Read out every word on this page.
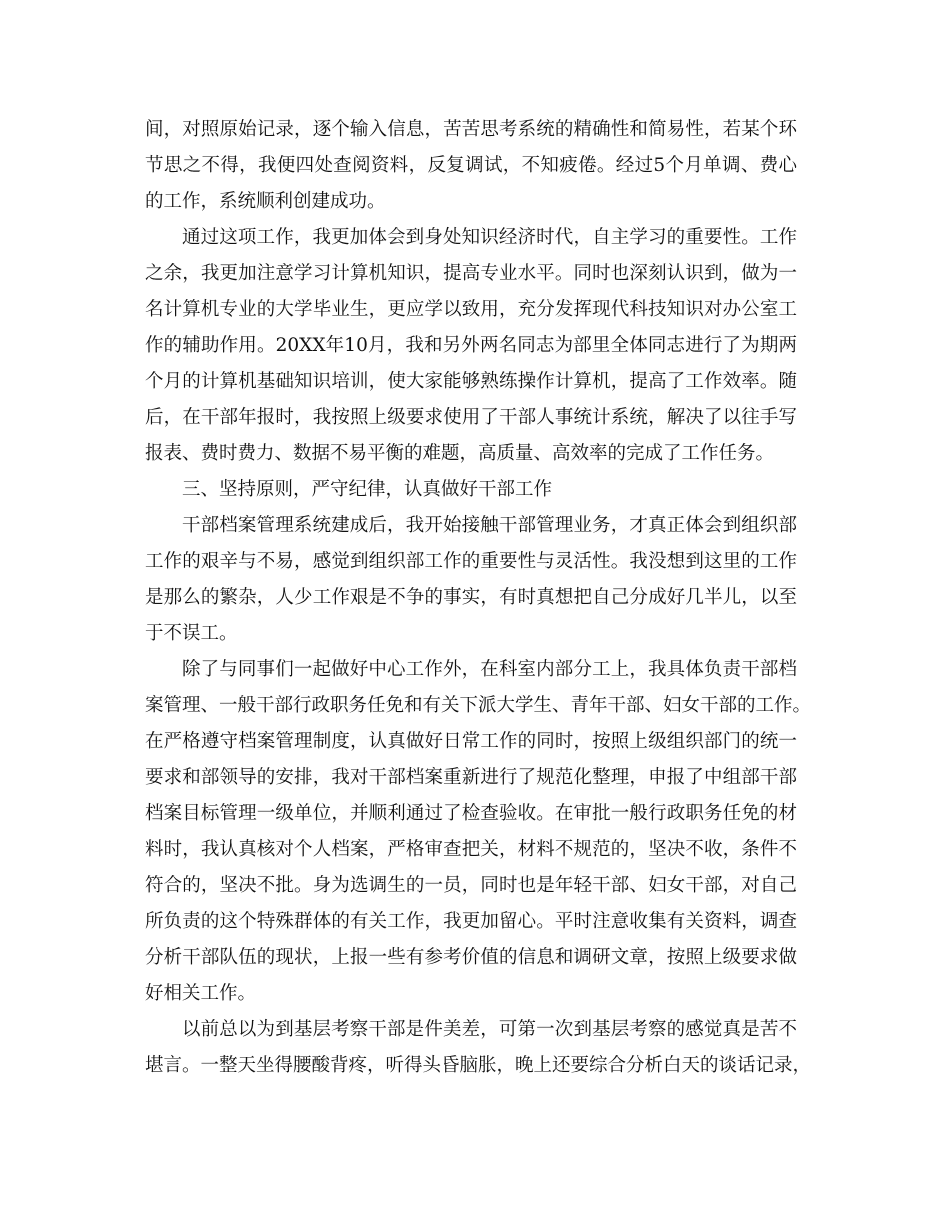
间，对照原始记录，逐个输入信息，苦苦思考系统的精确性和简易性，若某个环
节思之不得，我便四处查阅资料，反复调试，不知疲倦。经过5个月单调、费心
的工作，系统顺利创建成功。
通过这项工作，我更加体会到身处知识经济时代，自主学习的重要性。工作
之余，我更加注意学习计算机知识，提高专业水平。同时也深刻认识到，做为一
名计算机专业的大学毕业生，更应学以致用，充分发挥现代科技知识对办公室工
作的辅助作用。20XX年10月，我和另外两名同志为部里全体同志进行了为期两
个月的计算机基础知识培训，使大家能够熟练操作计算机，提高了工作效率。随
后，在干部年报时，我按照上级要求使用了干部人事统计系统，解决了以往手写
报表、费时费力、数据不易平衡的难题，高质量、高效率的完成了工作任务。
三、坚持原则，严守纪律，认真做好干部工作
干部档案管理系统建成后，我开始接触干部管理业务，才真正体会到组织部
工作的艰辛与不易，感觉到组织部工作的重要性与灵活性。我没想到这里的工作
是那么的繁杂，人少工作艰是不争的事实，有时真想把自己分成好几半儿，以至
于不误工。
除了与同事们一起做好中心工作外，在科室内部分工上，我具体负责干部档
案管理、一般干部行政职务任免和有关下派大学生、青年干部、妇女干部的工作。
在严格遵守档案管理制度，认真做好日常工作的同时，按照上级组织部门的统一
要求和部领导的安排，我对干部档案重新进行了规范化整理，申报了中组部干部
档案目标管理一级单位，并顺利通过了检查验收。在审批一般行政职务任免的材
料时，我认真核对个人档案，严格审查把关，材料不规范的，坚决不收，条件不
符合的，坚决不批。身为选调生的一员，同时也是年轻干部、妇女干部，对自己
所负责的这个特殊群体的有关工作，我更加留心。平时注意收集有关资料，调查
分析干部队伍的现状，上报一些有参考价值的信息和调研文章，按照上级要求做
好相关工作。
以前总以为到基层考察干部是件美差，可第一次到基层考察的感觉真是苦不
堪言。一整天坐得腰酸背疼，听得头昏脑胀，晚上还要综合分析白天的谈话记录，
